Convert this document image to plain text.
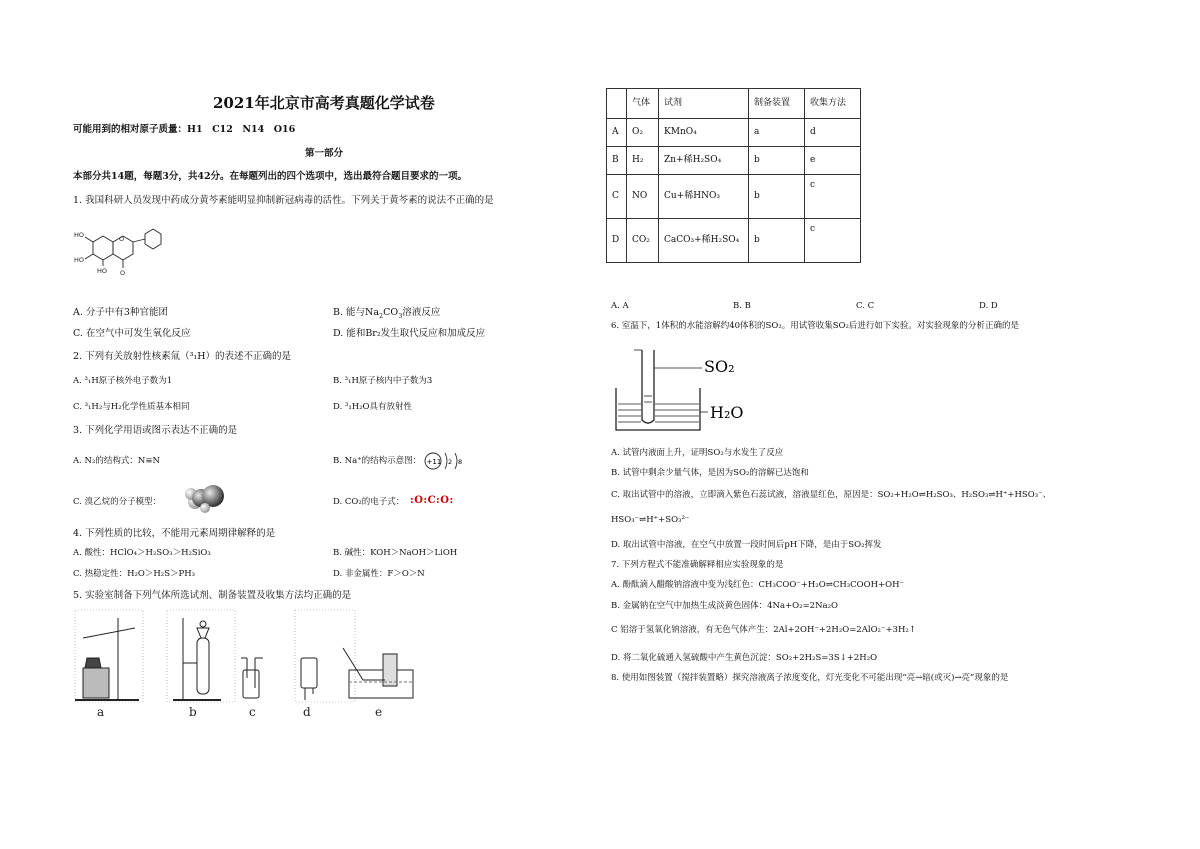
2021年北京市高考真题化学试卷
可能用到的相对原子质量：H1　C12　N14　O16
第一部分
本部分共14题，每题3分，共42分。在每题列出的四个选项中，选出最符合题目要求的一项。
1. 我国科研人员发现中药成分黄芩素能明显抑制新冠病毒的活性。下列关于黄芩素的说法不正确的是
HO
HO
HO
O
O
A. 分子中有3种官能团	B. 能与$Na_2CO_3$溶液反应
C. 在空气中可发生氧化反应	D. 能和Br₂发生取代反应和加成反应
2. 下列有关放射性核素氚（³₁H）的表述不正确的是
A. ³₁H原子核外电子数为1	B. ³₁H原子核内中子数为3
C. ³₁H₂与H₂化学性质基本相同	D. ³₁H₂O具有放射性
3. 下列化学用语或图示表达不正确的是
A. N₂的结构式：N≡N	B. Na⁺的结构示意图： +11 2 8
C. 溴乙烷的分子模型：	D. CO₂的电子式： :O:C:O:
4. 下列性质的比较，不能用元素周期律解释的是
A. 酸性：HClO₄＞H₂SO₃＞H₂SiO₃	B. 碱性：KOH＞NaOH＞LiOH
C. 热稳定性：H₂O＞H₂S＞PH₃	D. 非金属性：F＞O＞N
5. 实验室制备下列气体所选试剂、制备装置及收集方法均正确的是
a	b	c	d	e
	气体	试剂	制备装置	收集方法
A	O₂	KMnO₄	a	d
B	H₂	Zn+稀H₂SO₄	b	e
C	NO	Cu+稀HNO₃	b	c
D	CO₂	CaCO₃+稀H₂SO₄	b	c
A. A	B. B	C. C	D. D
6. 室温下，1体积的水能溶解约40体积的SO₂。用试管收集SO₂后进行如下实验。对实验现象的分析正确的是
SO₂
H₂O
A. 试管内液面上升，证明SO₂与水发生了反应
B. 试管中剩余少量气体，是因为SO₂的溶解已达饱和
C. 取出试管中的溶液，立即滴入紫色石蕊试液，溶液显红色，原因是：SO₂+H₂O⇌H₂SO₃、H₂SO₃⇌H⁺+HSO₃⁻、
HSO₃⁻⇌H⁺+SO₃²⁻
D. 取出试管中溶液，在空气中放置一段时间后pH下降，是由于SO₂挥发
7. 下列方程式不能准确解释相应实验现象的是
A. 酚酞滴入醋酸钠溶液中变为浅红色：CH₃COO⁻+H₂O⇌CH₃COOH+OH⁻
B. 金属钠在空气中加热生成淡黄色固体：4Na+O₂=2Na₂O
C 铝溶于氢氧化钠溶液，有无色气体产生：2Al+2OH⁻+2H₂O=2AlO₂⁻+3H₂↑
D. 将二氧化硫通入氢硫酸中产生黄色沉淀：SO₂+2H₂S=3S↓+2H₂O
8. 使用如图装置（搅拌装置略）探究溶液离子浓度变化，灯光变化不可能出现“亮→暗(或灭)→亮”现象的是
